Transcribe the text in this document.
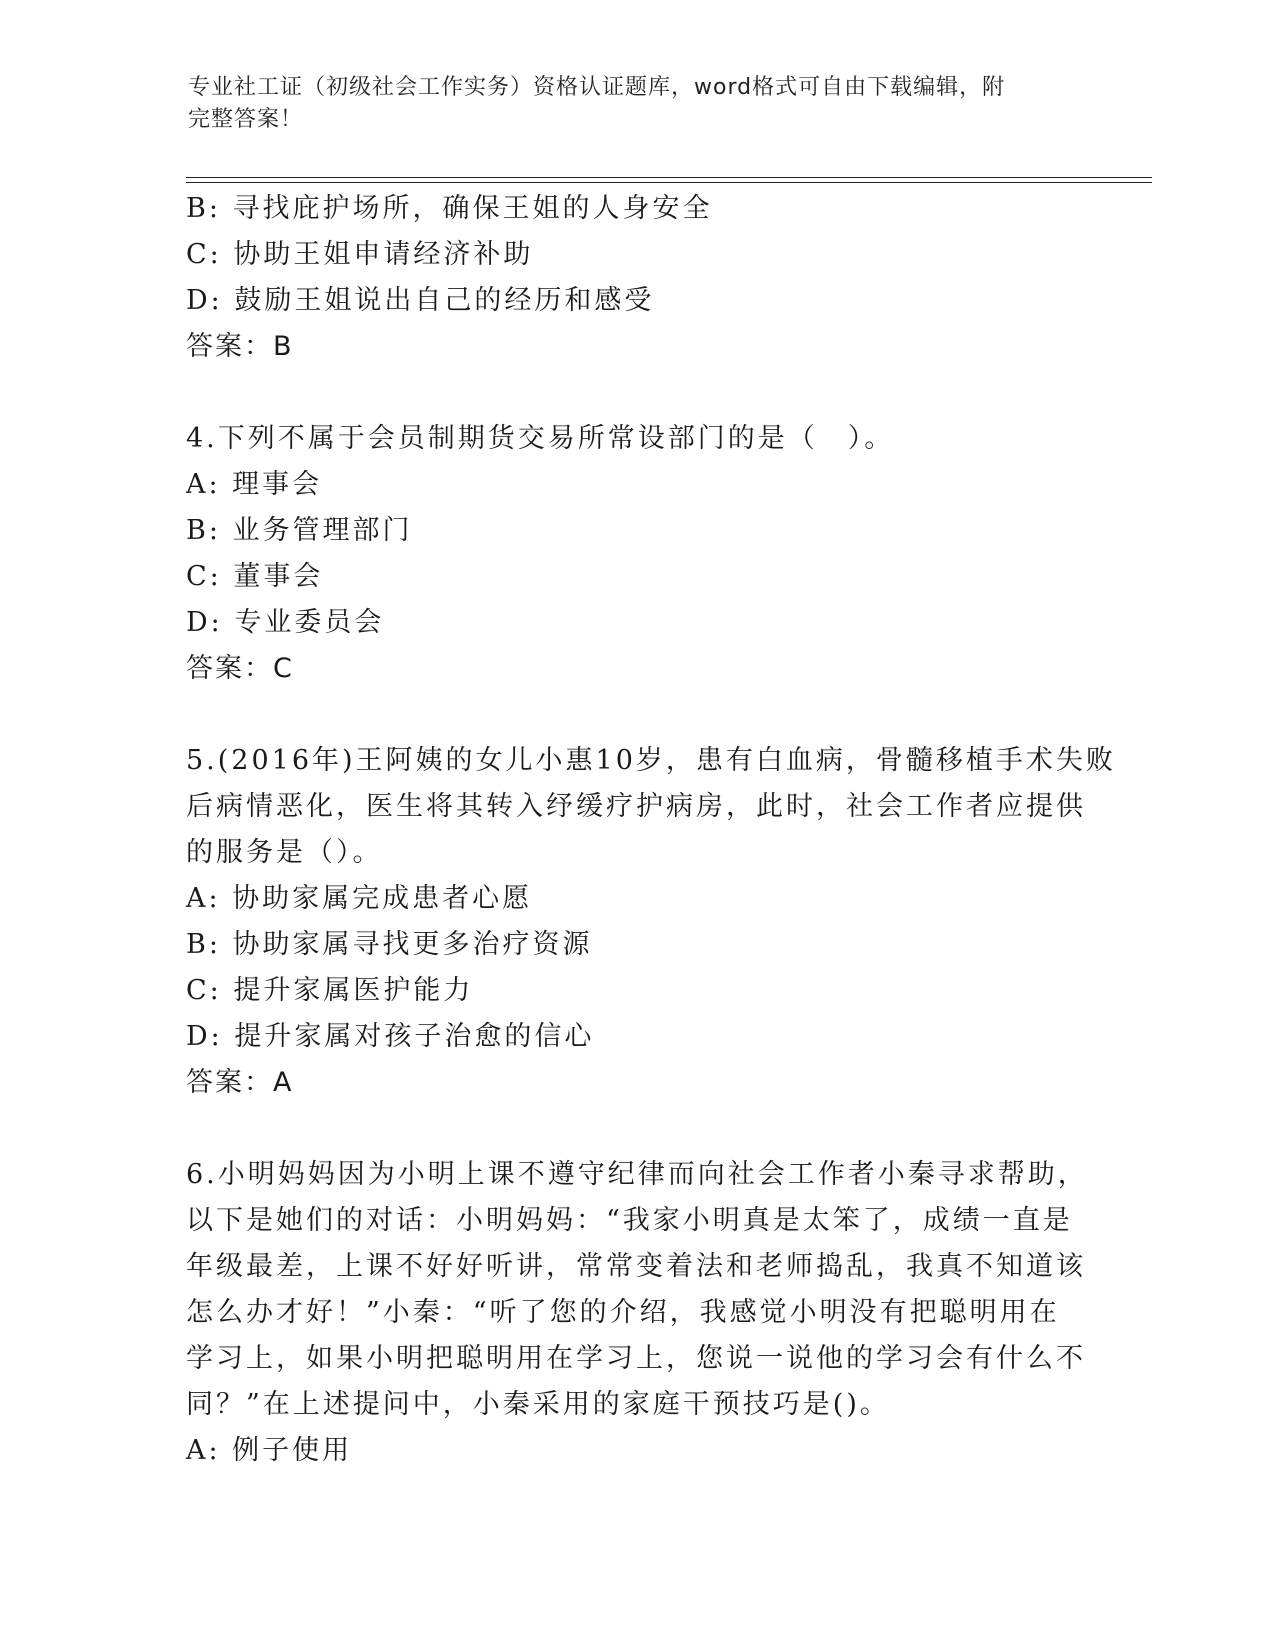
专业社工证（初级社会工作实务）资格认证题库，word格式可自由下载编辑，附
完整答案！
B: 寻找庇护场所，确保王姐的人身安全
C: 协助王姐申请经济补助
D: 鼓励王姐说出自己的经历和感受
答案：B
4.下列不属于会员制期货交易所常设部门的是（　）。
A: 理事会
B: 业务管理部门
C: 董事会
D: 专业委员会
答案：C
5.(2016年)王阿姨的女儿小惠10岁，患有白血病，骨髓移植手术失败
后病情恶化，医生将其转入纾缓疗护病房，此时，社会工作者应提供
的服务是（）。
A: 协助家属完成患者心愿
B: 协助家属寻找更多治疗资源
C: 提升家属医护能力
D: 提升家属对孩子治愈的信心
答案：A
6.小明妈妈因为小明上课不遵守纪律而向社会工作者小秦寻求帮助，
以下是她们的对话：小明妈妈：“我家小明真是太笨了，成绩一直是
年级最差，上课不好好听讲，常常变着法和老师捣乱，我真不知道该
怎么办才好！”小秦：“听了您的介绍，我感觉小明没有把聪明用在
学习上，如果小明把聪明用在学习上，您说一说他的学习会有什么不
同？”在上述提问中，小秦采用的家庭干预技巧是()。
A: 例子使用
